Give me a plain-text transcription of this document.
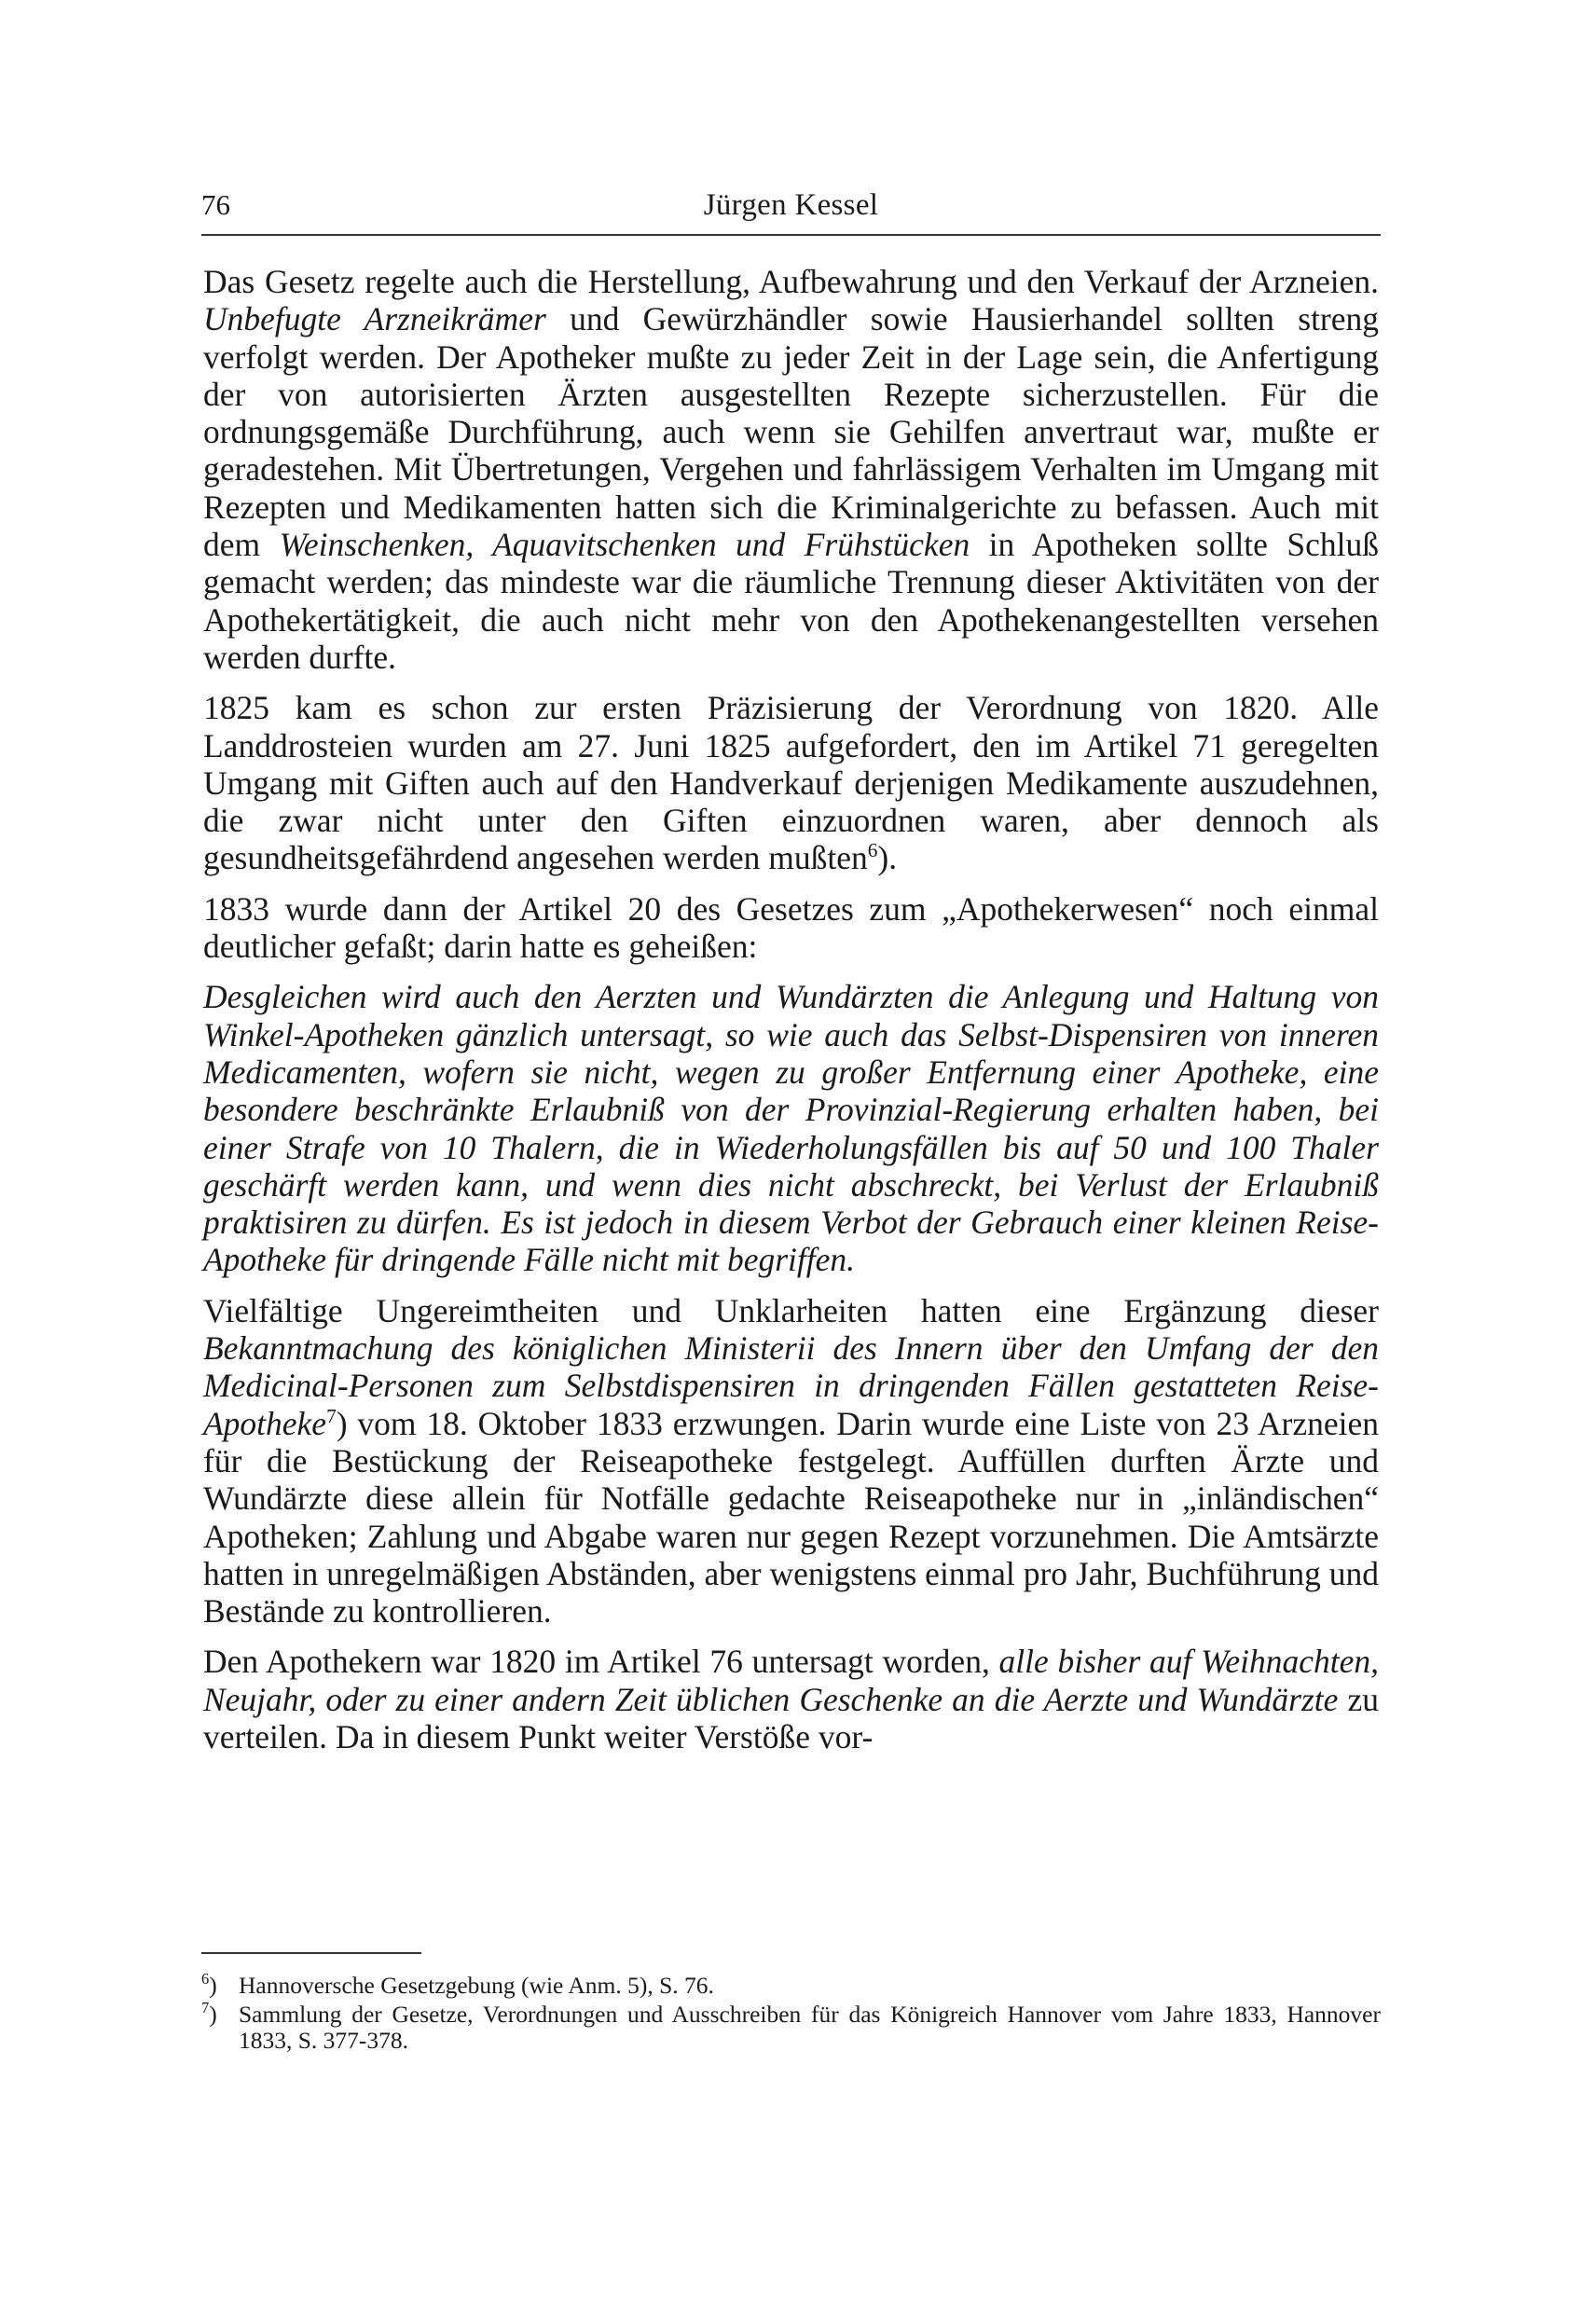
76	Jürgen Kessel

Das Gesetz regelte auch die Herstellung, Aufbewahrung und den Verkauf der Arzneien. Unbefugte Arzneikrämer und Gewürzhändler sowie Hausierhandel sollten streng verfolgt werden. Der Apotheker mußte zu jeder Zeit in der Lage sein, die Anfertigung der von autorisierten Ärzten ausgestellten Rezepte sicherzustellen. Für die ordnungsgemäße Durchführung, auch wenn sie Gehilfen anvertraut war, mußte er geradestehen. Mit Übertretungen, Vergehen und fahrlässigem Verhalten im Umgang mit Rezepten und Medikamenten hatten sich die Kriminalgerichte zu befassen. Auch mit dem Weinschenken, Aquavitschenken und Frühstücken in Apotheken sollte Schluß gemacht werden; das mindeste war die räumliche Trennung dieser Aktivitäten von der Apothekertätigkeit, die auch nicht mehr von den Apothekenangestellten versehen werden durfte.

1825 kam es schon zur ersten Präzisierung der Verordnung von 1820. Alle Landdrosteien wurden am 27. Juni 1825 aufgefordert, den im Artikel 71 geregelten Umgang mit Giften auch auf den Handverkauf derjenigen Medikamente auszudehnen, die zwar nicht unter den Giften einzuordnen waren, aber dennoch als gesundheitsgefährdend angesehen werden mußten$^6$).

1833 wurde dann der Artikel 20 des Gesetzes zum „Apothekerwesen“ noch einmal deutlicher gefaßt; darin hatte es geheißen:

Desgleichen wird auch den Aerzten und Wundärzten die Anlegung und Haltung von Winkel-Apotheken gänzlich untersagt, so wie auch das Selbst-Dispensiren von inneren Medicamenten, wofern sie nicht, wegen zu großer Entfernung einer Apotheke, eine besondere beschränkte Erlaubniß von der Provinzial-Regierung erhalten haben, bei einer Strafe von 10 Thalern, die in Wiederholungsfällen bis auf 50 und 100 Thaler geschärft werden kann, und wenn dies nicht abschreckt, bei Verlust der Erlaubniß praktisiren zu dürfen. Es ist jedoch in diesem Verbot der Gebrauch einer kleinen Reise-Apotheke für dringende Fälle nicht mit begriffen.

Vielfältige Ungereimtheiten und Unklarheiten hatten eine Ergänzung dieser Bekanntmachung des königlichen Ministerii des Innern über den Umfang der den Medicinal-Personen zum Selbstdispensiren in dringenden Fällen gestatteten Reise-Apotheke$^7$) vom 18. Oktober 1833 erzwungen. Darin wurde eine Liste von 23 Arzneien für die Bestückung der Reiseapotheke festgelegt. Auffüllen durften Ärzte und Wundärzte diese allein für Notfälle gedachte Reiseapotheke nur in „inländischen“ Apotheken; Zahlung und Abgabe waren nur gegen Rezept vorzunehmen. Die Amtsärzte hatten in unregelmäßigen Abständen, aber wenigstens einmal pro Jahr, Buchführung und Bestände zu kontrollieren.

Den Apothekern war 1820 im Artikel 76 untersagt worden, alle bisher auf Weihnachten, Neujahr, oder zu einer andern Zeit üblichen Geschenke an die Aerzte und Wundärzte zu verteilen. Da in diesem Punkt weiter Verstöße vor-

$^6$) Hannoversche Gesetzgebung (wie Anm. 5), S. 76.
$^7$) Sammlung der Gesetze, Verordnungen und Ausschreiben für das Königreich Hannover vom Jahre 1833, Hannover 1833, S. 377-378.
